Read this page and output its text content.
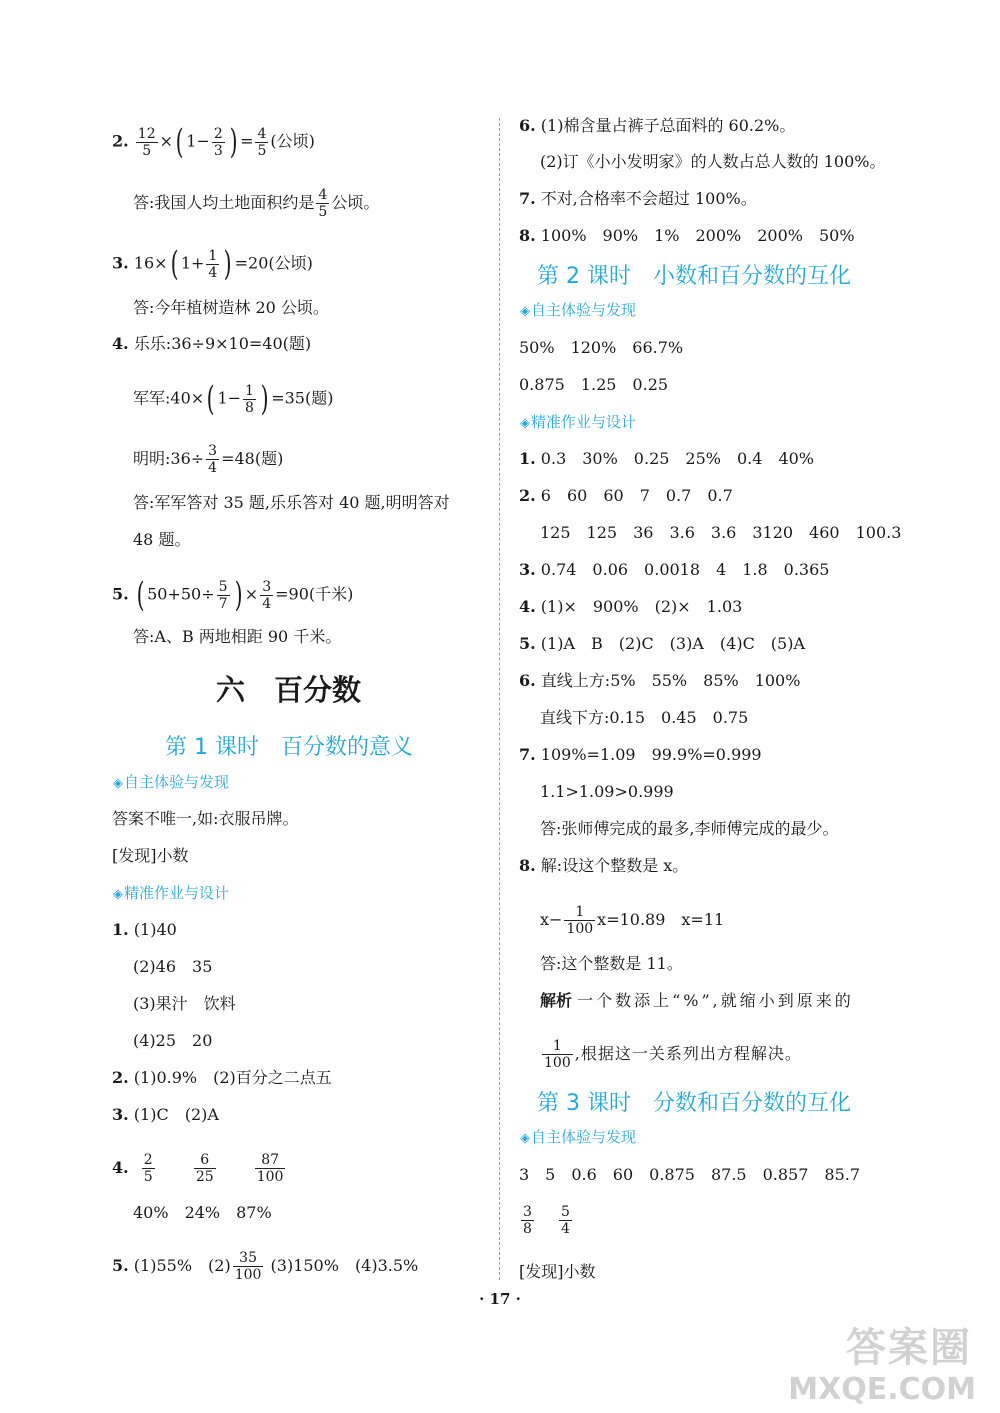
2. $\frac{12}{5}$ ×( $1- \frac{2}{3}$ ) = $\frac{4}{5}$ (公顷)
答:我国人均土地面积约是 $\frac{4}{5}$ 公顷。
3. 16×( $1+ \frac{1}{4}$ ) =20(公顷)
答:今年植树造林 20 公顷。
4. 乐乐:36÷9×10=40(题)
军军:40×( $1- \frac{1}{8}$ ) =35(题)
明明:36÷ $\frac{3}{4} =48$(题)
答:军军答对 35 题,乐乐答对 40 题,明明答对
48 题。
5. ( $50+50\div \frac{5}{7}$ ) × $\frac{3}{4} =90$(千米)
答:A、B 两地相距 90 千米。
六　百分数
第 1 课时　百分数的意义
◈自主体验与发现
答案不唯一,如:衣服吊牌。
[发现]小数
◈精准作业与设计
1. (1)40
(2)46　35
(3)果汁　饮料
(4)25　20
2. (1)0.9%　(2)百分之二点五
3. (1)C　(2)A
4. $\frac{2}{5}$
	$\frac{6}{25}$
	$\frac{87}{100}$
40%　24%　87%
5. (1)55%　$(2) \frac{35}{100} (3)150\%$　(4)3.5%
6. (1)棉含量占裤子总面料的 60.2%。
(2)订《小小发明家》的人数占总人数的 100%。
7. 不对,合格率不会超过 100%。
8. 100%　90%　1%　200%　200%　50%
第 2 课时　小数和百分数的互化
◈自主体验与发现
50%　120%　66.7%
0.875　1.25　0.25
◈精准作业与设计
1. 0.3　30%　0.25　25%　0.4　40%
2. 6　60　60　7　0.7　0.7
125　125　36　3.6　3.6　3120　460　100.3
3. 0.74　0.06　0.0018　4　1.8　0.365
4. (1)×　900%　(2)×　1.03
5. (1)A　B　(2)C　(3)A　(4)C　(5)A
6. 直线上方:5%　55%　85%　100%
直线下方:0.15　0.45　0.75
7. 109%=1.09　99.9%=0.999
1.1>1.09>0.999
答:张师傅完成的最多,李师傅完成的最少。
8. 解:设这个整数是 x。
$x- \frac{1}{100} x=10.89$　x=11
答:这个整数是 11。
解析 一个数添上“%”,就缩小到原来的
$\frac{1}{100}$ ,根据这一关系列出方程解决。
第 3 课时　分数和百分数的互化
◈自主体验与发现
3　5　0.6　60　0.875　87.5　0.857　85.7
$\frac{3}{8}$
$\frac{5}{4}$
[发现]小数
· 17 ·
答案圈
MXQE.COM
